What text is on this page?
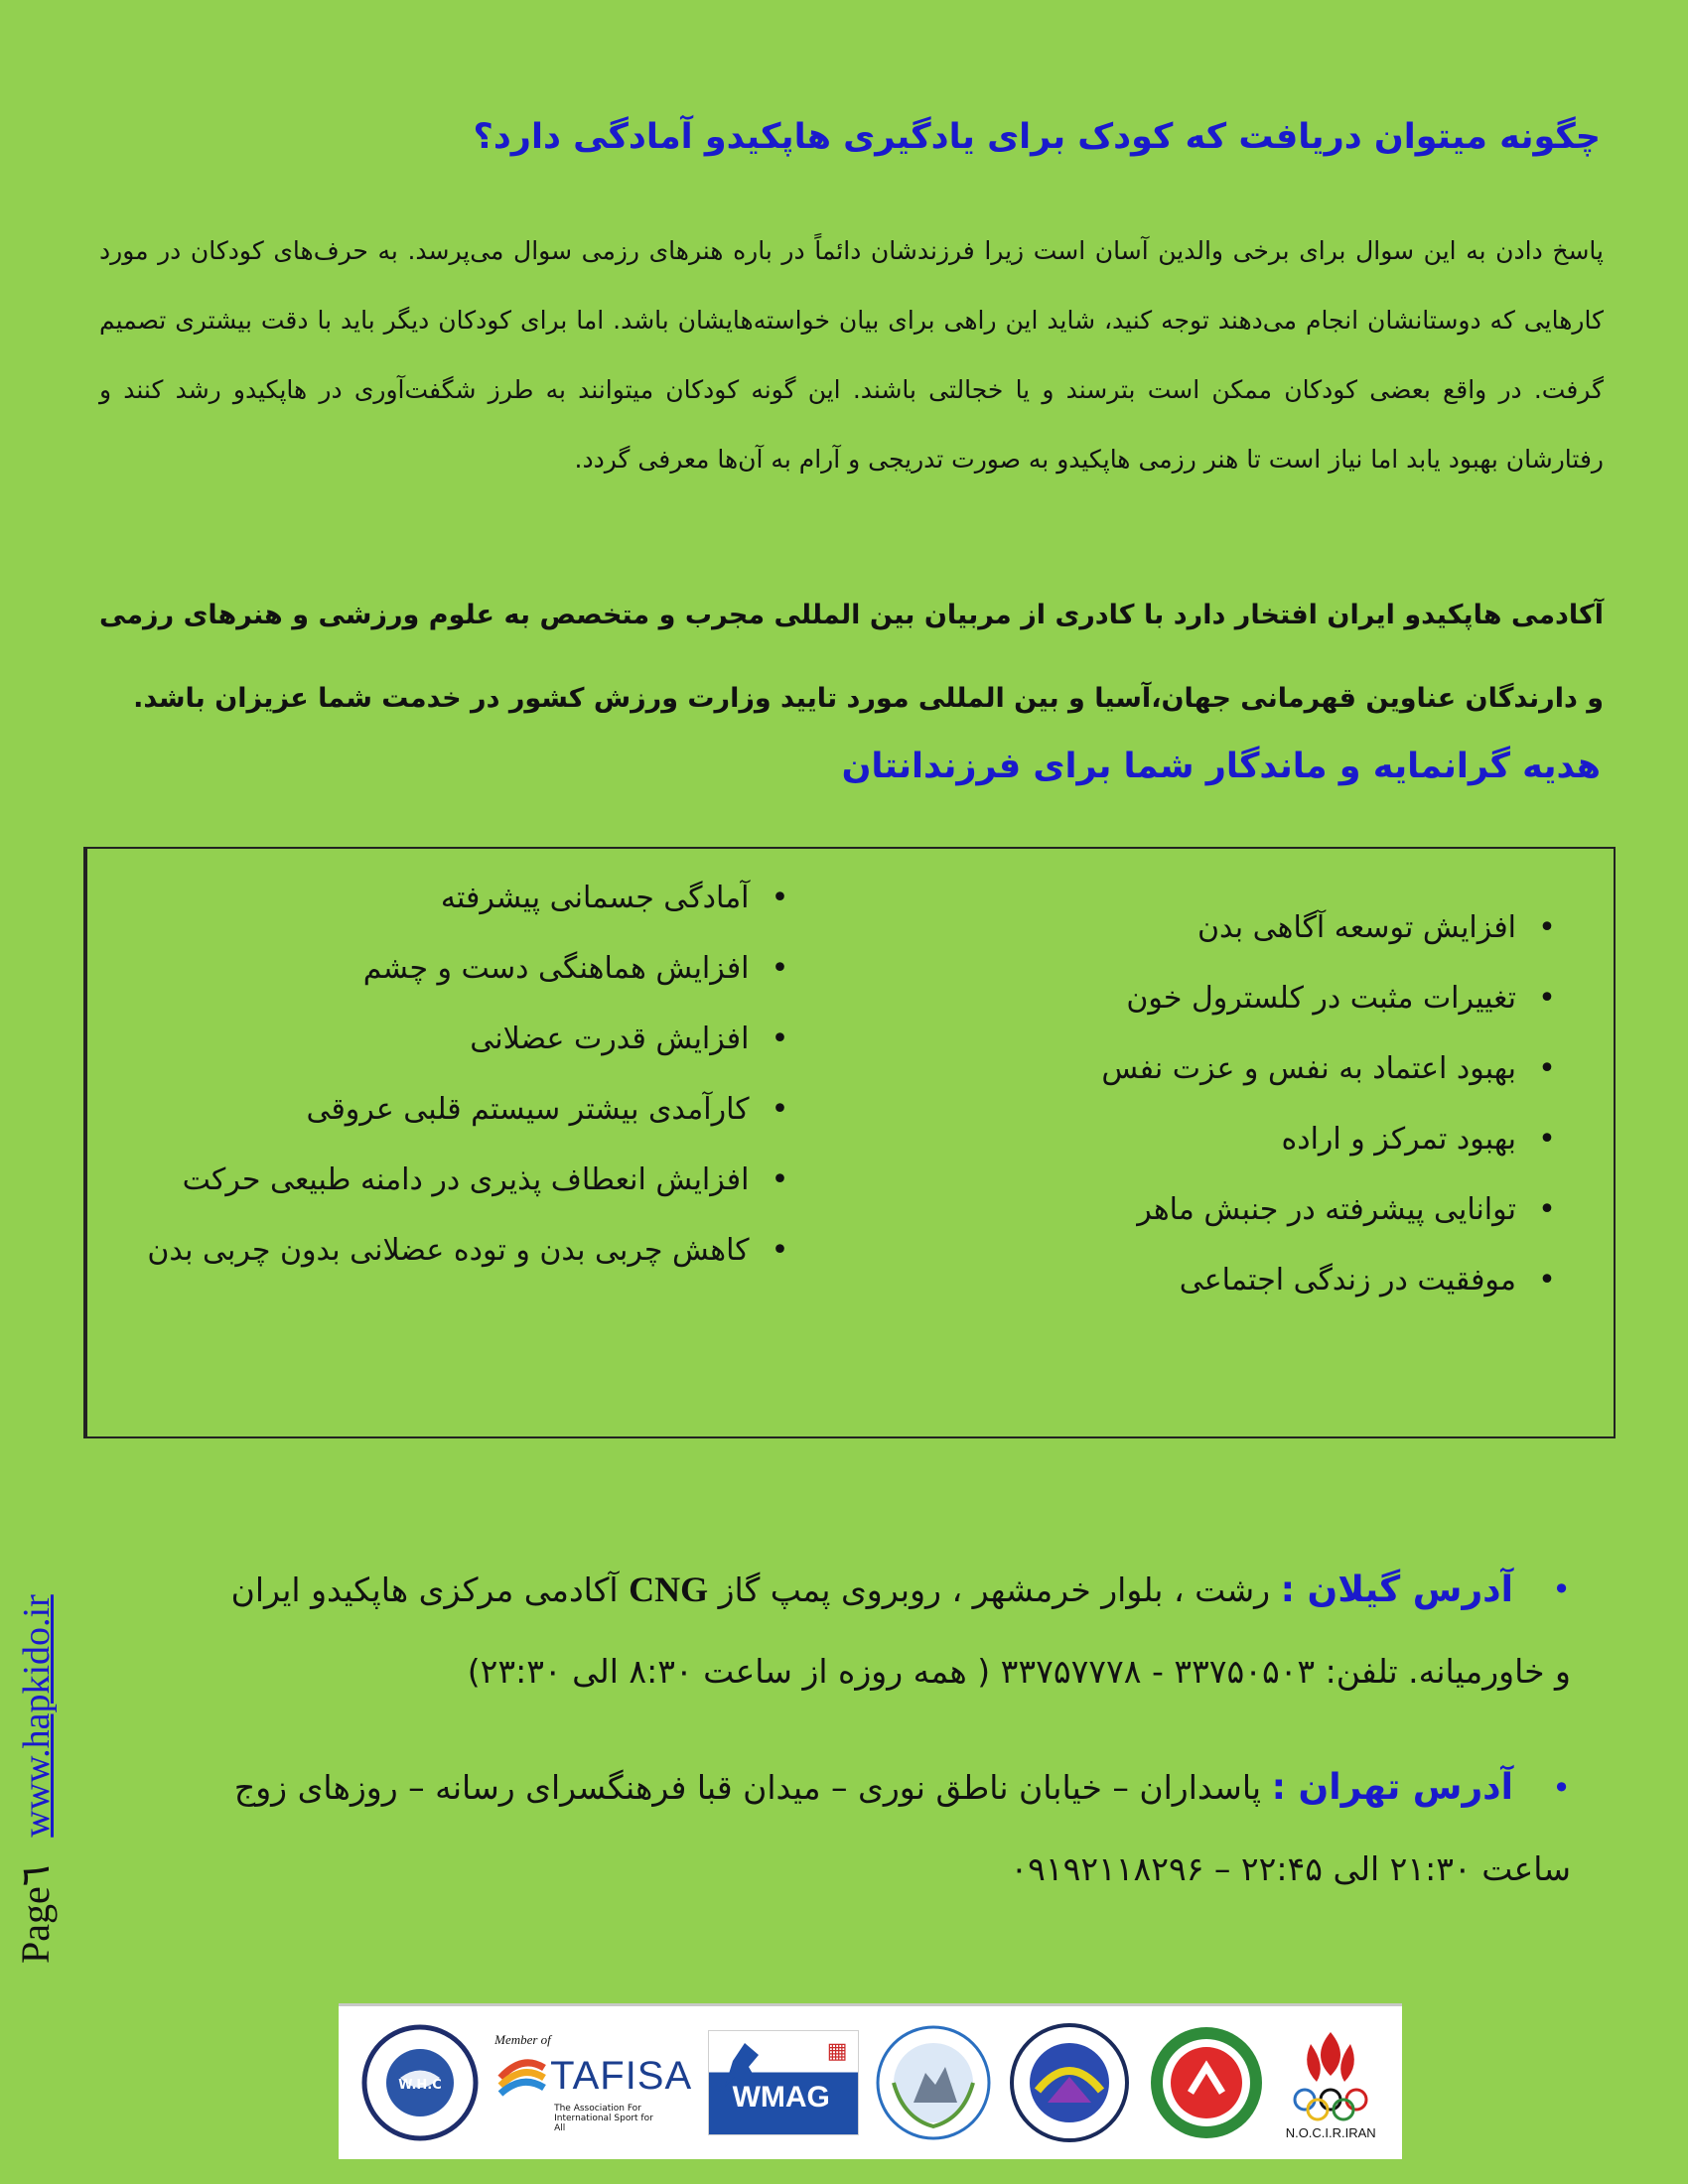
چگونه میتوان دریافت که کودک برای یادگیری هاپکیدو آمادگی دارد؟

پاسخ دادن به این سوال برای برخی والدین آسان است زیرا فرزندشان دائماً در باره هنرهای رزمی سوال می‌پرسد. به حرف‌های کودکان در مورد کارهایی که دوستانشان انجام می‌دهند توجه کنید، شاید این راهی برای بیان خواسته‌هایشان باشد. اما برای کودکان دیگر باید با دقت بیشتری تصمیم گرفت. در واقع بعضی کودکان ممکن است بترسند و یا خجالتی باشند. این گونه کودکان میتوانند به طرز شگفت‌آوری در هاپکیدو رشد کنند و رفتارشان بهبود یابد اما نیاز است تا هنر رزمی هاپکیدو به صورت تدریجی و آرام به آن‌ها معرفی گردد.

آکادمی هاپکیدو ایران افتخار دارد با کادری از مربیان بین المللی مجرب و متخصص به علوم ورزشی و هنرهای رزمی و دارندگان عناوین قهرمانی جهان،آسیا و بین المللی مورد تایید وزارت ورزش کشور در خدمت شما عزیزان باشد.

هدیه گرانمایه و ماندگار شما برای فرزندانتان
•
آمادگی جسمانی پیشرفته
•
افزایش هماهنگی دست و چشم
•
افزایش قدرت عضلانی
•
کارآمدی بیشتر سیستم قلبی عروقی
•
افزایش انعطاف پذیری در دامنه طبیعی حرکت
•
کاهش چربی بدن و توده عضلانی بدون چربی بدن
•
افزایش توسعه آگاهی بدن
•
تغییرات مثبت در کلسترول خون
•
بهبود اعتماد به نفس و عزت نفس
•
بهبود تمرکز و اراده
•
توانایی پیشرفته در جنبش ماهر
•
موفقیت در زندگی اجتماعی
•
آدرس گیلان : رشت ، بلوار خرمشهر ، روبروی پمپ گاز CNG آکادمی مرکزی هاپکیدو ایران
و خاورمیانه. تلفن: ۳۳۷۵۰۵۰۳ - ۳۳۷۵۷۷۷۸ ( همه روزه از ساعت ۸:۳۰ الی ۲۳:۳۰)
•
آدرس تهران : پاسداران – خیابان ناطق نوری – میدان قبا فرهنگسرای رسانه – روزهای زوج
ساعت ۲۱:۳۰ الی ۲۲:۴۵ – ۰۹۱۹۲۱۱۸۲۹۶
Page٦ www.hapkido.ir
W.H.C
Member of
TAFISA
The Association For International Sport for All
▦
WMAG
N.O.C.I.R.IRAN
